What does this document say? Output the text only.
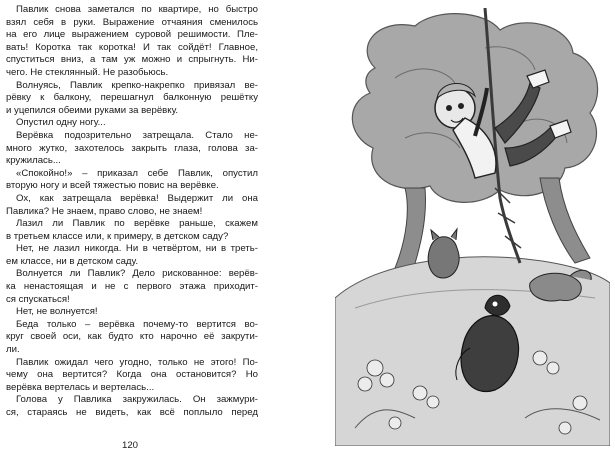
Павлик снова заметался по квартире, но быстро
взял себя в руки. Выражение отчаяния сменилось
на его лице выражением суровой решимости. Пле-
вать! Коротка так коротка! И так сойдёт! Главное,
спуститься вниз, а там уж можно и спрыгнуть. Ни-
чего. Не стеклянный. Не разобьюсь.
Волнуясь, Павлик крепко-накрепко привязал ве-
рёвку к балкону, перешагнул балконную решётку
и уцепился обеими руками за верёвку.
Опустил одну ногу...
Верёвка подозрительно затрещала. Стало не-
много жутко, захотелось закрыть глаза, голова за-
кружилась...
«Спокойно!» – приказал себе Павлик, опустил
вторую ногу и всей тяжестью повис на верёвке.
Ох, как затрещала верёвка! Выдержит ли она
Павлика? Не знаем, право слово, не знаем!
Лазил ли Павлик по верёвке раньше, скажем
в третьем классе или, к примеру, в детском саду?
Нет, не лазил никогда. Ни в четвёртом, ни в треть-
ем классе, ни в детском саду.
Волнуется ли Павлик? Дело рискованное: верёв-
ка ненастоящая и не с первого этажа приходит-
ся спускаться!
Нет, не волнуется!
Беда только – верёвка почему-то вертится во-
круг своей оси, как будто кто нарочно её закрути-
ли.
Павлик ожидал чего угодно, только не этого! По-
чему она вертится? Когда она остановится? Но
верёвка вертелась и вертелась...
Голова у Павлика закружилась. Он зажмури-
ся, стараясь не видеть, как всё поплыло перед
120
